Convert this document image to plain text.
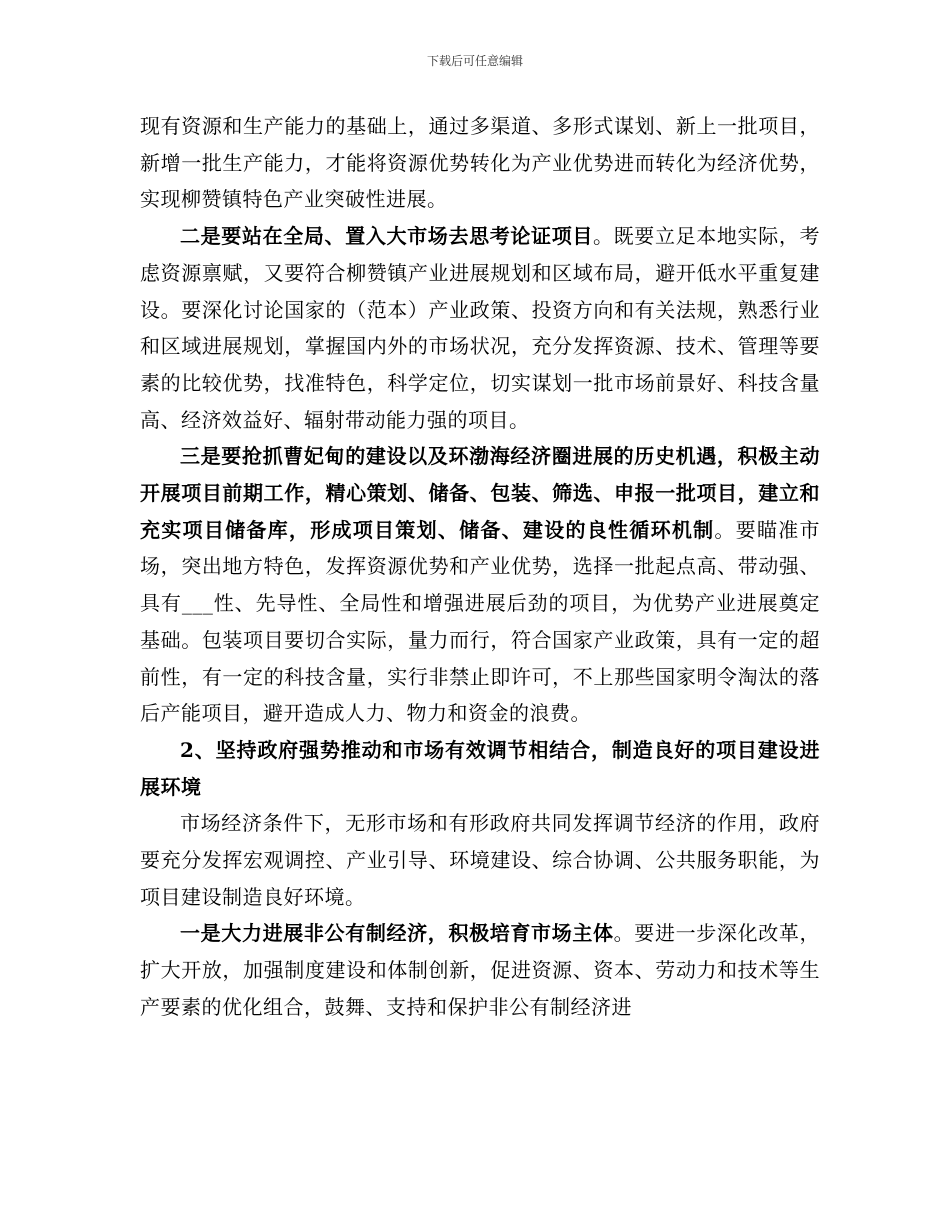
下载后可任意编辑

现有资源和生产能力的基础上，通过多渠道、多形式谋划、新上一批项目，新增一批生产能力，才能将资源优势转化为产业优势进而转化为经济优势，实现柳赞镇特色产业突破性进展。

二是要站在全局、置入大市场去思考论证项目。既要立足本地实际，考虑资源禀赋，又要符合柳赞镇产业进展规划和区域布局，避开低水平重复建设。要深化讨论国家的（范本）产业政策、投资方向和有关法规，熟悉行业和区域进展规划，掌握国内外的市场状况，充分发挥资源、技术、管理等要素的比较优势，找准特色，科学定位，切实谋划一批市场前景好、科技含量高、经济效益好、辐射带动能力强的项目。

三是要抢抓曹妃甸的建设以及环渤海经济圈进展的历史机遇，积极主动开展项目前期工作，精心策划、储备、包装、筛选、申报一批项目，建立和充实项目储备库，形成项目策划、储备、建设的良性循环机制。要瞄准市场，突出地方特色，发挥资源优势和产业优势，选择一批起点高、带动强、具有___性、先导性、全局性和增强进展后劲的项目，为优势产业进展奠定基础。包装项目要切合实际，量力而行，符合国家产业政策，具有一定的超前性，有一定的科技含量，实行非禁止即许可，不上那些国家明令淘汰的落后产能项目，避开造成人力、物力和资金的浪费。

2、坚持政府强势推动和市场有效调节相结合，制造良好的项目建设进展环境

市场经济条件下，无形市场和有形政府共同发挥调节经济的作用，政府要充分发挥宏观调控、产业引导、环境建设、综合协调、公共服务职能，为项目建设制造良好环境。

一是大力进展非公有制经济，积极培育市场主体。要进一步深化改革，扩大开放，加强制度建设和体制创新，促进资源、资本、劳动力和技术等生产要素的优化组合，鼓舞、支持和保护非公有制经济进
